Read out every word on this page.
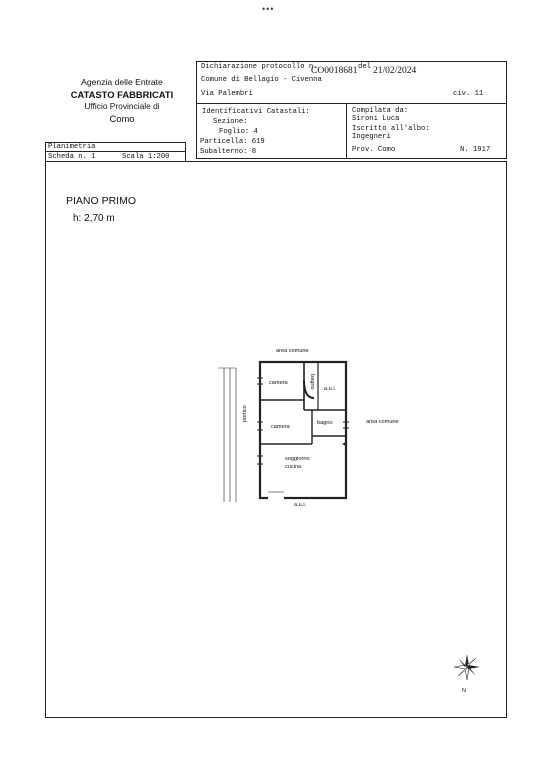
•••
Agenzia delle Entrate
CATASTO FABBRICATI
Ufficio Provinciale di
Como
Dichiarazione protocollo n.
CO0018681 del 21/02/2024
Comune di Bellagio - Civenna
Via Palembri	civ. 11
Identificativi Catastali:
Sezione:
Foglio: 4
Particella: 619
Subalterno: 8
Compilata da:
Sironi Luca
Iscritto all'albo:
Ingegneri
Prov. Como	N. 1917
Planimetria
Scheda n. 1	Scala 1:200
PIANO PRIMO
h: 2,70 m
area comune
area comune
camera
camera
bagno
a.u.i.
a.u.i.
soggiorno
cucina
bagno
portico
N
